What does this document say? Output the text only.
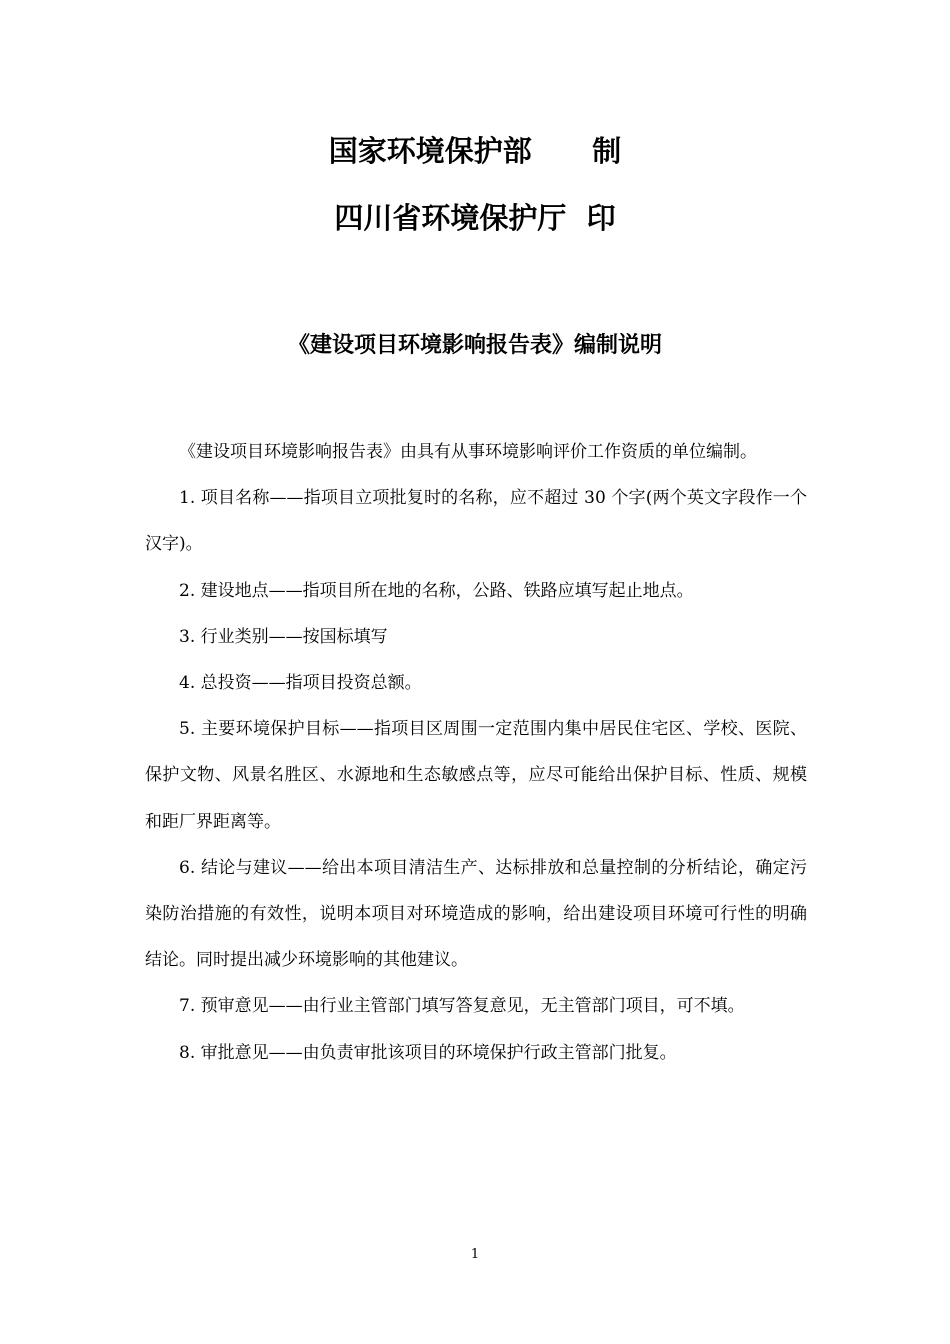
国家环境保护部      制
四川省环境保护厅  印
《建设项目环境影响报告表》编制说明

《建设项目环境影响报告表》由具有从事环境影响评价工作资质的单位编制。

1. 项目名称——指项目立项批复时的名称，应不超过 30 个字(两个英文字段作一个汉字)。

2. 建设地点——指项目所在地的名称，公路、铁路应填写起止地点。

3. 行业类别——按国标填写

4. 总投资——指项目投资总额。

5. 主要环境保护目标——指项目区周围一定范围内集中居民住宅区、学校、医院、保护文物、风景名胜区、水源地和生态敏感点等，应尽可能给出保护目标、性质、规模和距厂界距离等。

6. 结论与建议——给出本项目清洁生产、达标排放和总量控制的分析结论，确定污染防治措施的有效性，说明本项目对环境造成的影响，给出建设项目环境可行性的明确结论。同时提出减少环境影响的其他建议。

7. 预审意见——由行业主管部门填写答复意见，无主管部门项目，可不填。

8. 审批意见——由负责审批该项目的环境保护行政主管部门批复。

1
